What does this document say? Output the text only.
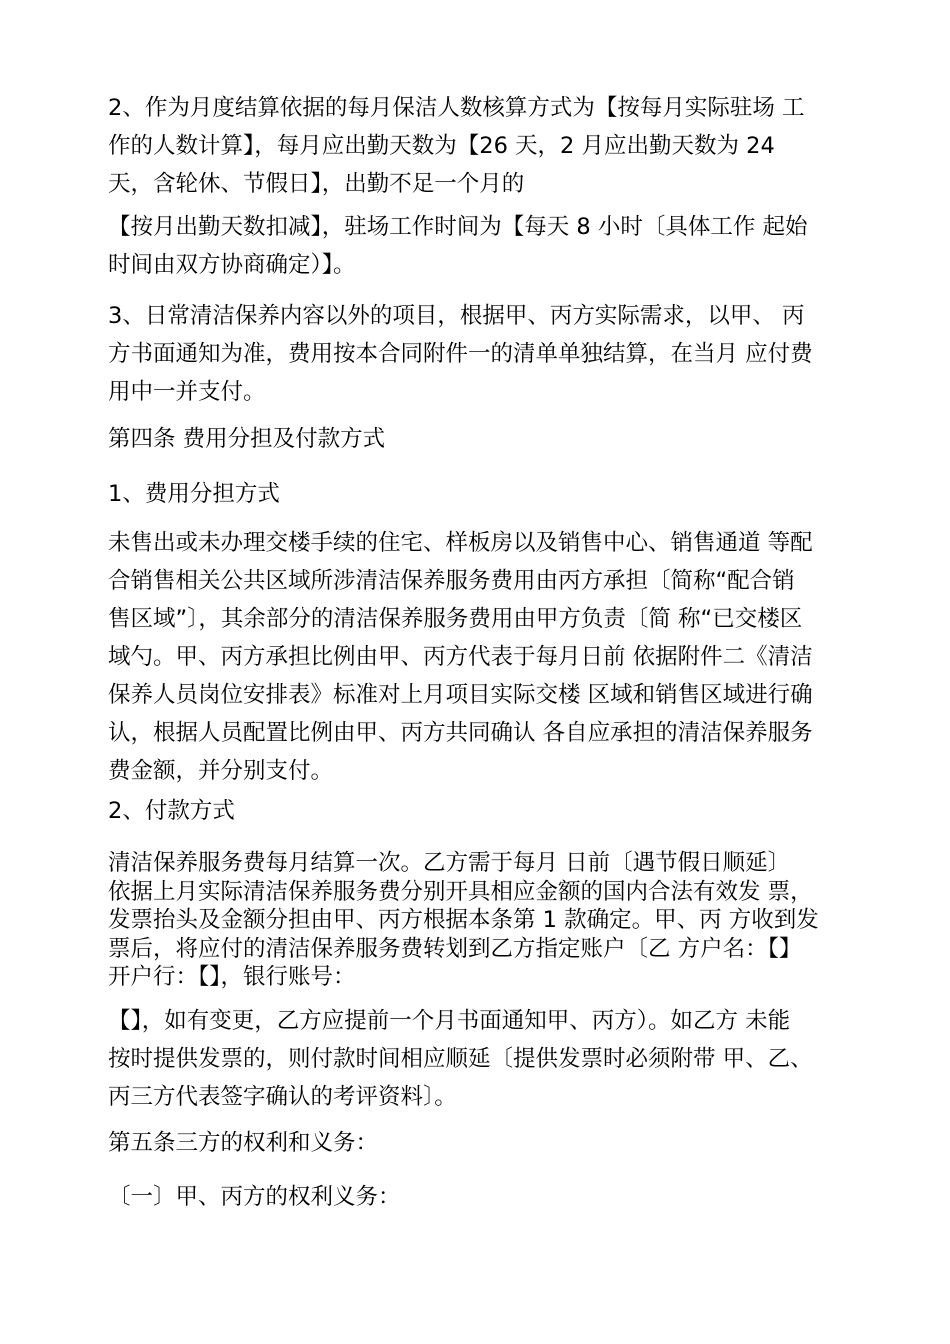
2、作为月度结算依据的每月保洁人数核算方式为【按每月实际驻场 工
作的人数计算】，每月应出勤天数为【26 天，2 月应出勤天数为 24
天，含轮休、节假日】，出勤不足一个月的

【按月出勤天数扣减】，驻场工作时间为【每天 8 小时〔具体工作 起始
时间由双方协商确定）】。

3、日常清洁保养内容以外的项目，根据甲、丙方实际需求，以甲、 丙
方书面通知为准，费用按本合同附件一的清单单独结算，在当月 应付费
用中一并支付。

第四条 费用分担及付款方式
1、费用分担方式

未售出或未办理交楼手续的住宅、样板房以及销售中心、销售通道 等配
合销售相关公共区域所涉清洁保养服务费用由丙方承担〔简称“配合销
售区域”〕，其余部分的清洁保养服务费用由甲方负责〔简 称“已交楼区
域勺。甲、丙方承担比例由甲、丙方代表于每月日前 依据附件二《清洁
保养人员岗位安排表》标准对上月项目实际交楼 区域和销售区域进行确
认，根据人员配置比例由甲、丙方共同确认 各自应承担的清洁保养服务
费金额，并分别支付。

2、付款方式

清洁保养服务费每月结算一次。乙方需于每月 日前〔遇节假日顺延〕
依据上月实际清洁保养服务费分别开具相应金额的国内合法有效发 票，
发票抬头及金额分担由甲、丙方根据本条第 1 款确定。甲、丙 方收到发
票后，将应付的清洁保养服务费转划到乙方指定账户〔乙 方户名：【】
开户行：【】，银行账号：

【】，如有变更，乙方应提前一个月书面通知甲、丙方）。如乙方 未能
按时提供发票的，则付款时间相应顺延〔提供发票时必须附带 甲、乙、
丙三方代表签字确认的考评资料〕。

第五条三方的权利和义务：
〔一〕甲、丙方的权利义务：
